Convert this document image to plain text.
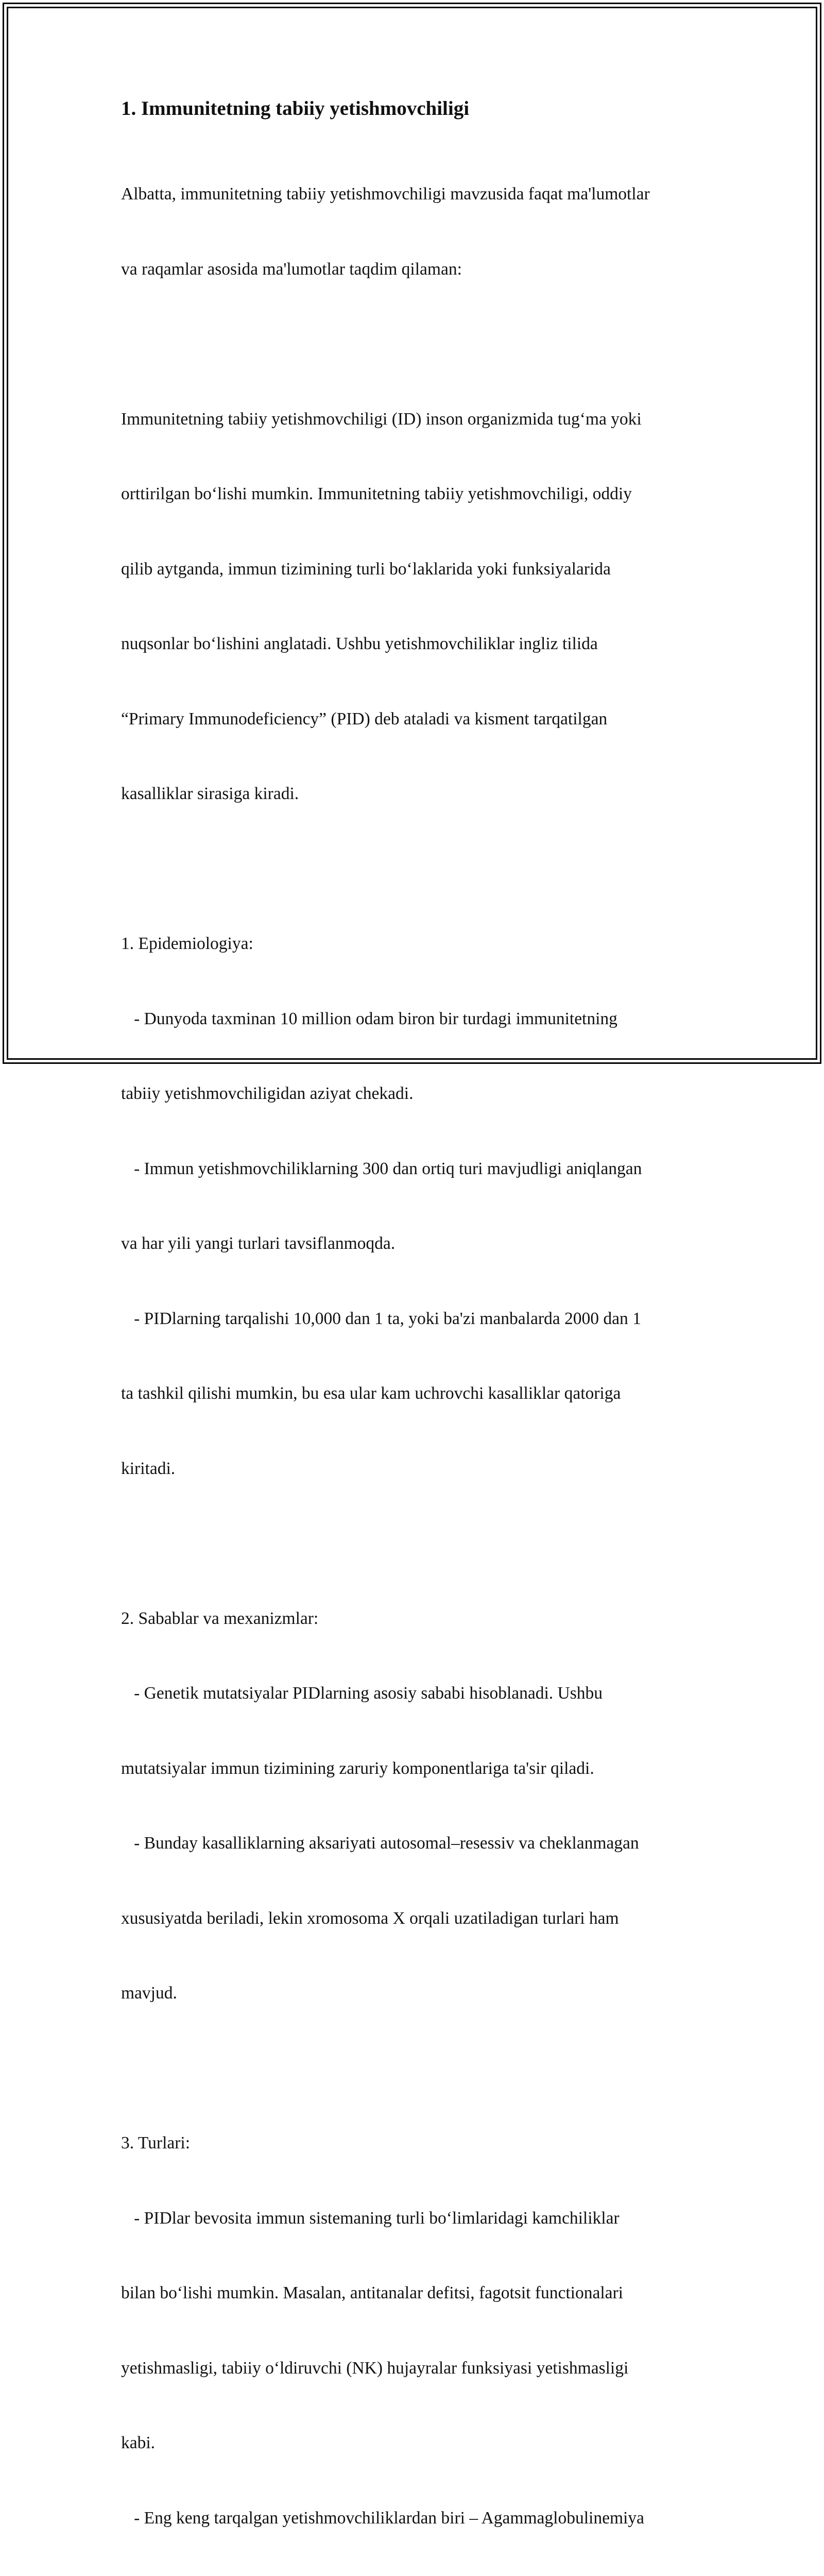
1. Immunitetning tabiiy yetishmovchiligi

Albatta, immunitetning tabiiy yetishmovchiligi mavzusida faqat ma'lumotlar

va raqamlar asosida ma'lumotlar taqdim qilaman:

Immunitetning tabiiy yetishmovchiligi (ID) inson organizmida tug‘ma yoki

orttirilgan bo‘lishi mumkin. Immunitetning tabiiy yetishmovchiligi, oddiy

qilib aytganda, immun tizimining turli bo‘laklarida yoki funksiyalarida

nuqsonlar bo‘lishini anglatadi. Ushbu yetishmovchiliklar ingliz tilida

“Primary Immunodeficiency” (PID) deb ataladi va kisment tarqatilgan

kasalliklar sirasiga kiradi.

1. Epidemiologiya:

- Dunyoda taxminan 10 million odam biron bir turdagi immunitetning

tabiiy yetishmovchiligidan aziyat chekadi.

- Immun yetishmovchiliklarning 300 dan ortiq turi mavjudligi aniqlangan

va har yili yangi turlari tavsiflanmoqda.

- PIDlarning tarqalishi 10,000 dan 1 ta, yoki ba'zi manbalarda 2000 dan 1

ta tashkil qilishi mumkin, bu esa ular kam uchrovchi kasalliklar qatoriga

kiritadi.

2. Sabablar va mexanizmlar:

- Genetik mutatsiyalar PIDlarning asosiy sababi hisoblanadi. Ushbu

mutatsiyalar immun tizimining zaruriy komponentlariga ta'sir qiladi.

- Bunday kasalliklarning aksariyati autosomal–resessiv va cheklanmagan

xususiyatda beriladi, lekin xromosoma X orqali uzatiladigan turlari ham

mavjud.

3. Turlari:

- PIDlar bevosita immun sistemaning turli bo‘limlaridagi kamchiliklar

bilan bo‘lishi mumkin. Masalan, antitanalar defitsi, fagotsit functionalari

yetishmasligi, tabiiy o‘ldiruvchi (NK) hujayralar funksiyasi yetishmasligi

kabi.

- Eng keng tarqalgan yetishmovchiliklardan biri – Agammaglobulinemiya
